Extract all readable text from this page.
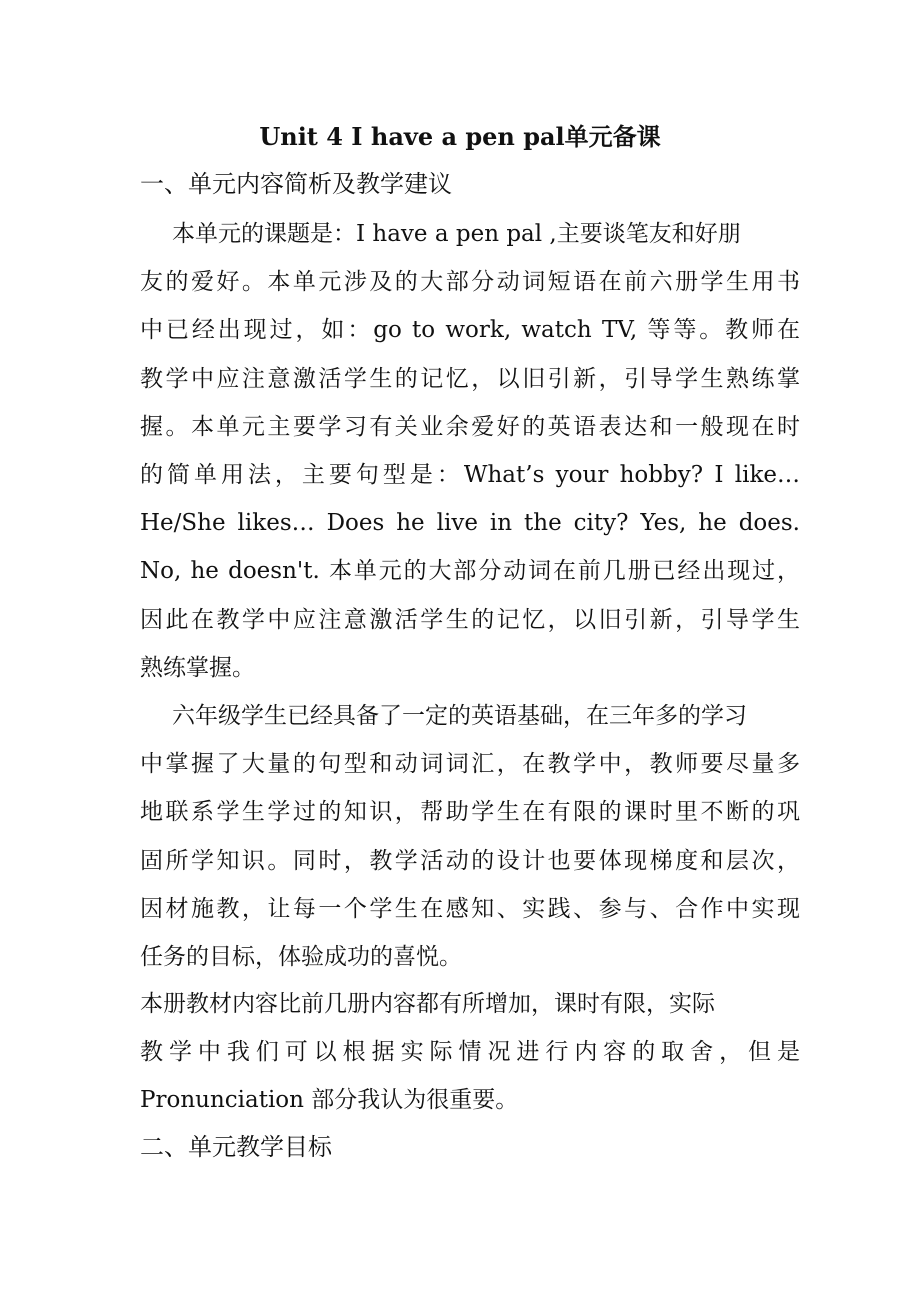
Unit 4 I have a pen pal单元备课
一、单元内容简析及教学建议
本单元的课题是：I have a pen pal ,主要谈笔友和好朋
友的爱好。本单元涉及的大部分动词短语在前六册学生用书
中已经出现过，如：go to work, watch TV, 等等。教师在
教学中应注意激活学生的记忆，以旧引新，引导学生熟练掌
握。本单元主要学习有关业余爱好的英语表达和一般现在时
的简单用法，主要句型是：What’s your hobby? I like…
He/She likes… Does he live in the city? Yes, he does.
No, he doesn't. 本单元的大部分动词在前几册已经出现过，
因此在教学中应注意激活学生的记忆，以旧引新，引导学生
熟练掌握。
六年级学生已经具备了一定的英语基础，在三年多的学习
中掌握了大量的句型和动词词汇，在教学中，教师要尽量多
地联系学生学过的知识，帮助学生在有限的课时里不断的巩
固所学知识。同时，教学活动的设计也要体现梯度和层次，
因材施教，让每一个学生在感知、实践、参与、合作中实现
任务的目标，体验成功的喜悦。
本册教材内容比前几册内容都有所增加，课时有限，实际
教学中我们可以根据实际情况进行内容的取舍，但是
Pronunciation 部分我认为很重要。
二、单元教学目标
